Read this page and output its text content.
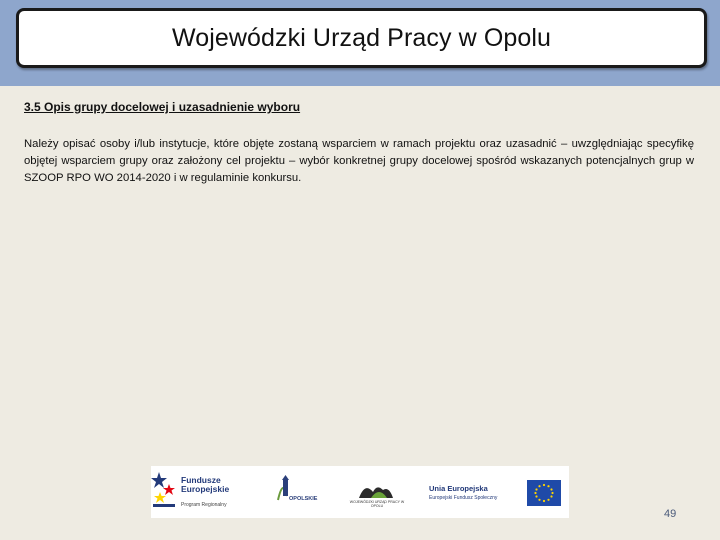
Wojewódzki Urząd Pracy w Opolu
3.5 Opis grupy docelowej i uzasadnienie wyboru
Należy opisać osoby i/lub instytucje, które objęte zostaną wsparciem w ramach projektu oraz uzasadnić – uwzględniając specyfikę objętej wsparciem grupy oraz założony cel projektu – wybór konkretnej grupy docelowej spośród wskazanych potencjalnych grup w SZOOP RPO WO 2014-2020 i w regulaminie konkursu.
Fundusze
Europejskie
Program Regionalny
OPOLSKIE	WOJEWÓDZKI URZĄD PRACY W OPOLU
Unia Europejska
Europejski Fundusz Społeczny
49
